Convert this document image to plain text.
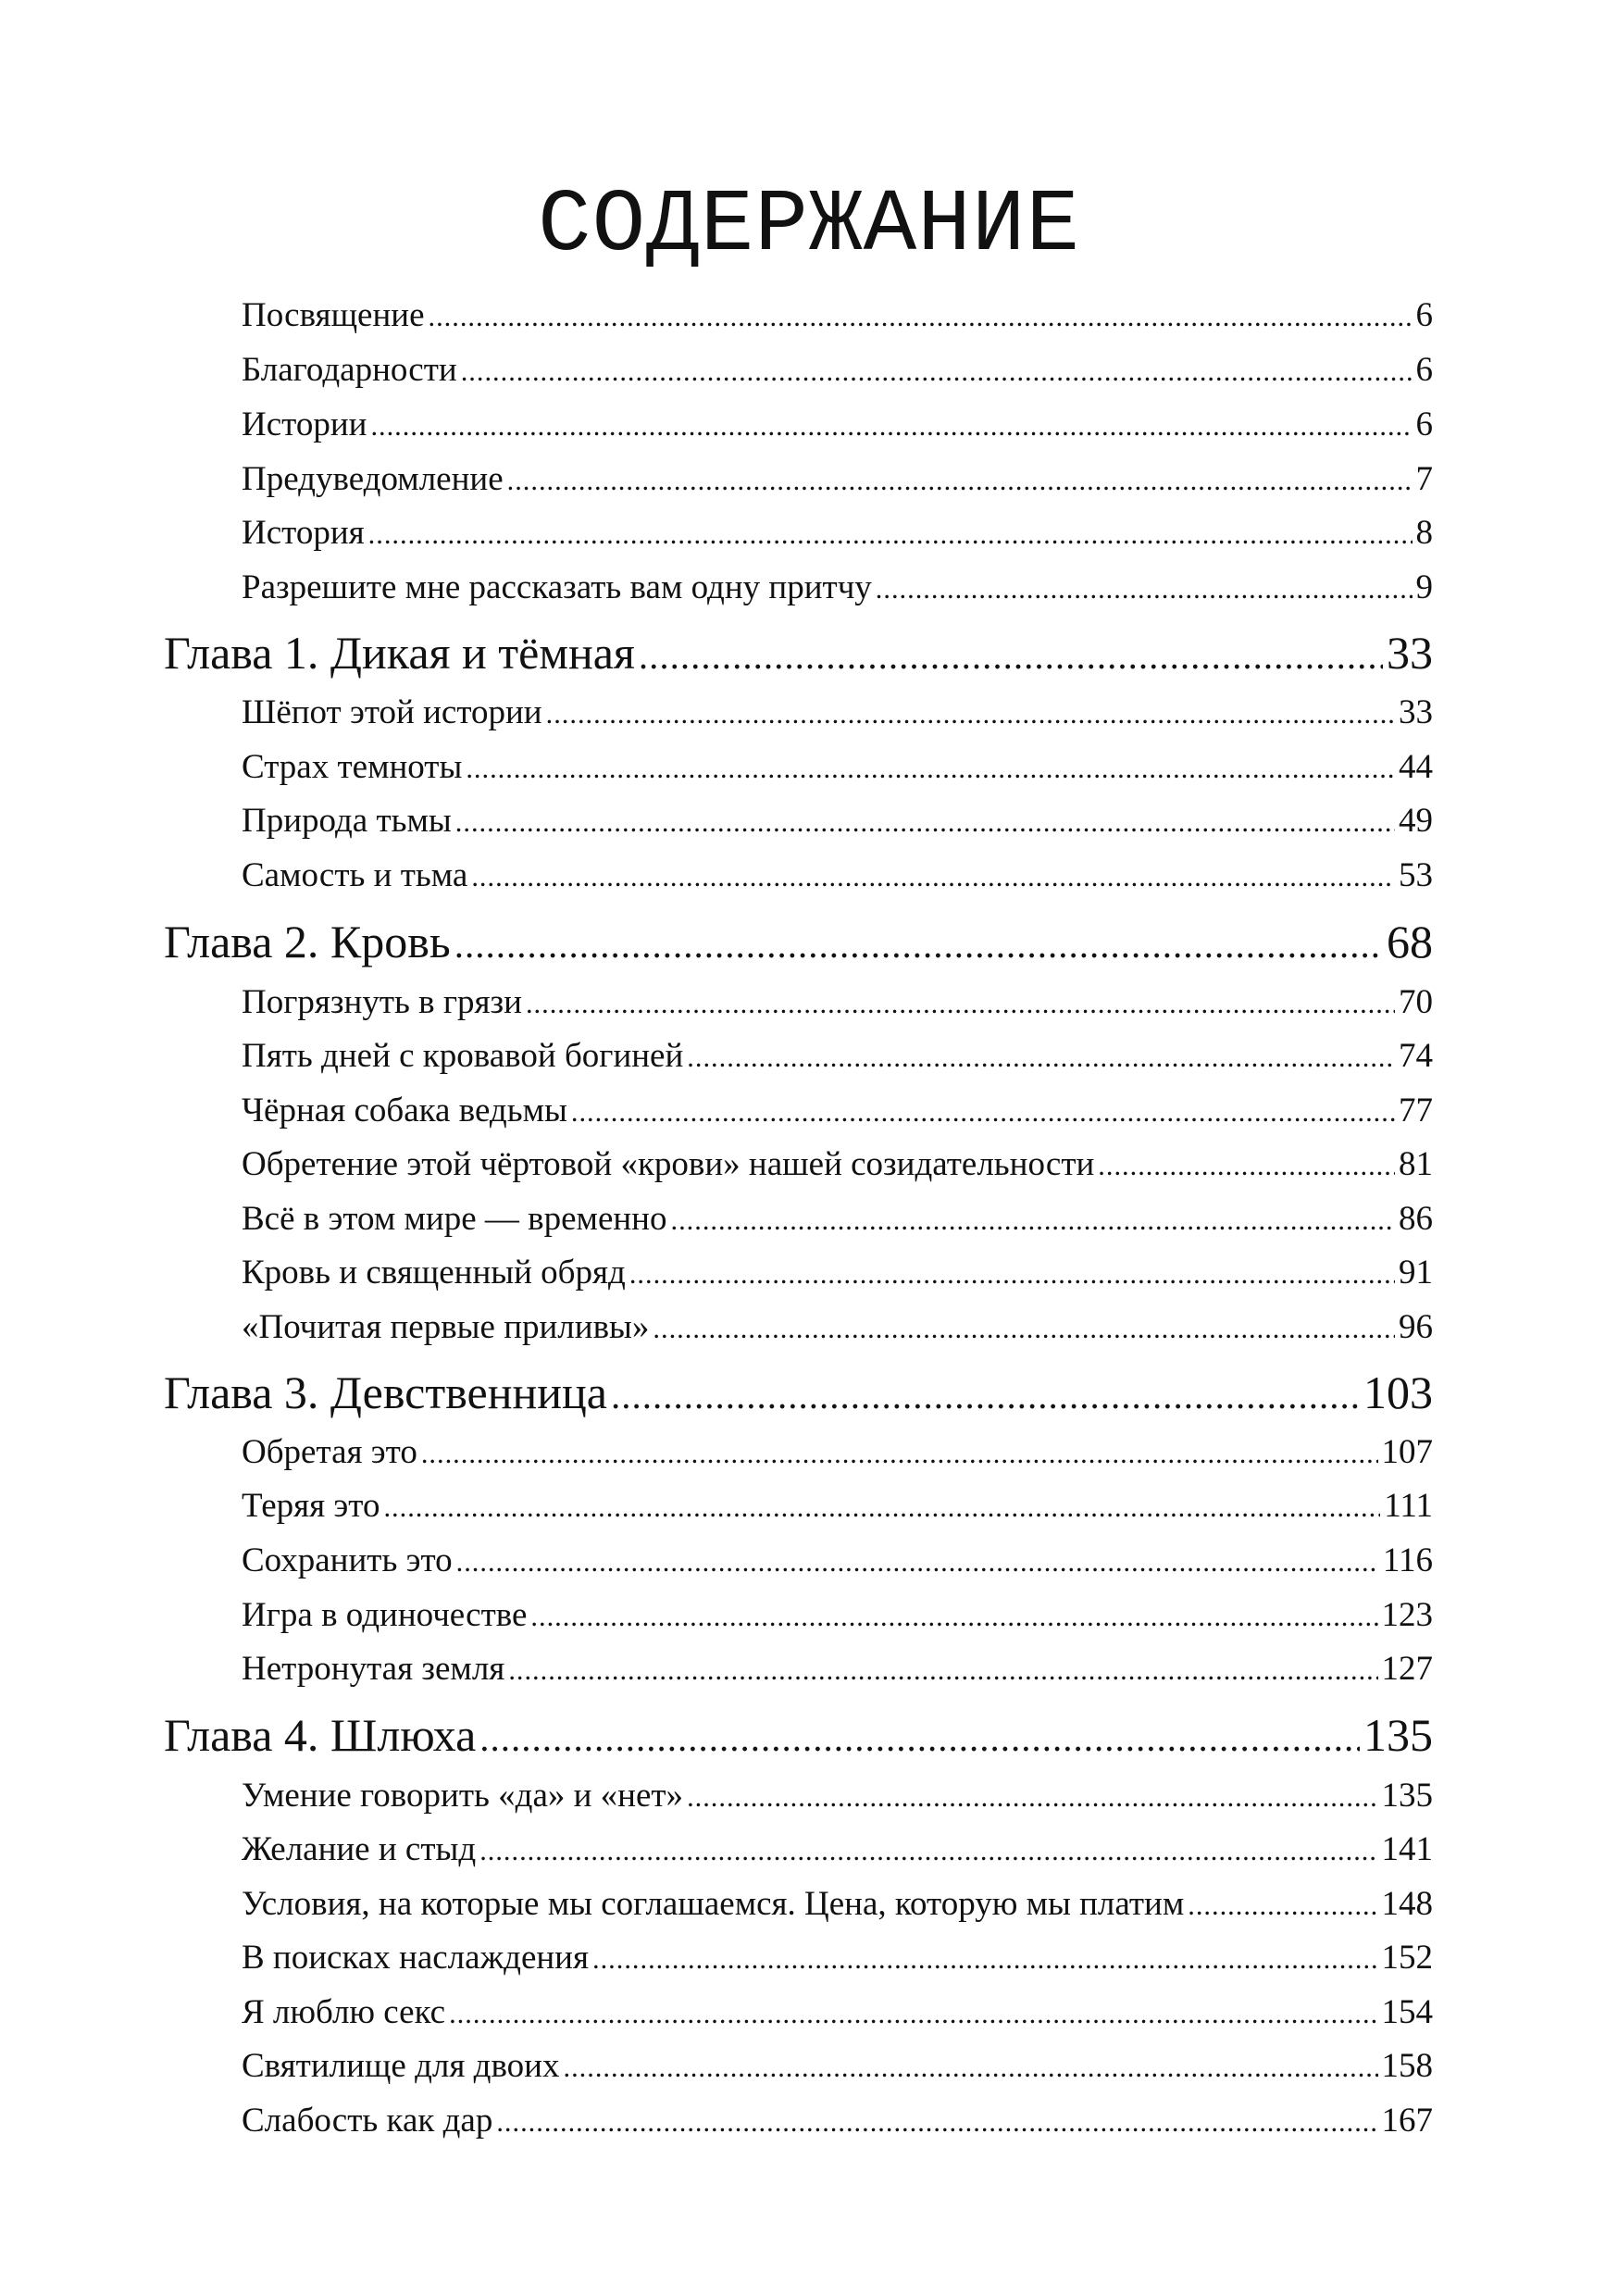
СОДЕРЖАНИЕ
Посвящение .....	6
Благодарности .....	6
Истории .....	6
Предуведомление .....	7
История .....	8
Разрешите мне рассказать вам одну притчу .....	9
Глава 1. Дикая и тёмная .....	33
Шёпот этой истории .....	33
Страх темноты .....	44
Природа тьмы .....	49
Самость и тьма .....	53
Глава 2. Кровь .....	68
Погрязнуть в грязи .....	70
Пять дней с кровавой богиней .....	74
Чёрная собака ведьмы .....	77
Обретение этой чёртовой «крови» нашей созидательности .....	81
Всё в этом мире — временно .....	86
Кровь и священный обряд .....	91
«Почитая первые приливы» .....	96
Глава 3. Девственница .....	103
Обретая это .....	107
Теряя это .....	111
Сохранить это .....	116
Игра в одиночестве .....	123
Нетронутая земля .....	127
Глава 4. Шлюха .....	135
Умение говорить «да» и «нет» .....	135
Желание и стыд .....	141
Условия, на которые мы соглашаемся. Цена, которую мы платим .....	148
В поисках наслаждения .....	152
Я люблю секс .....	154
Святилище для двоих .....	158
Слабость как дар .....	167
